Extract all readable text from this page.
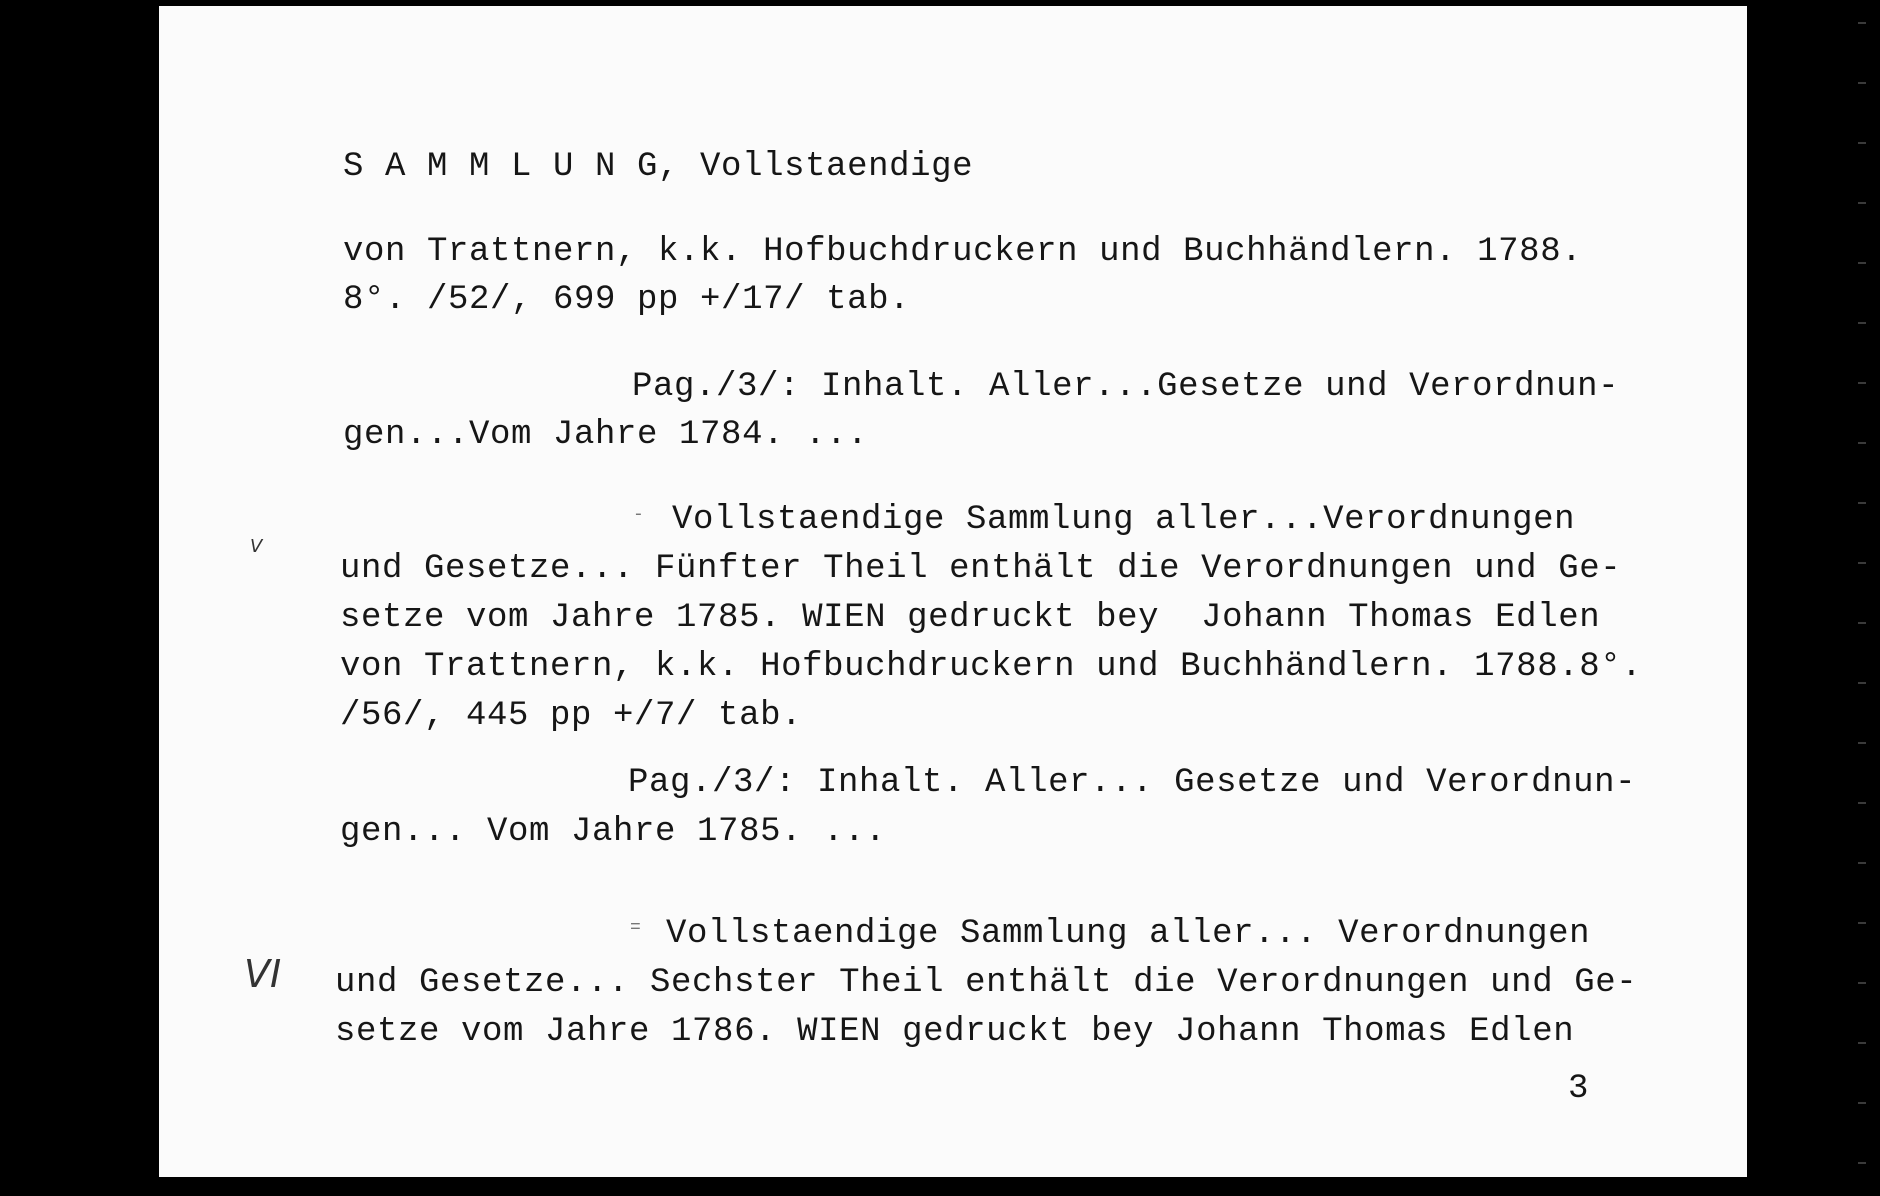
S A M M L U N G, Vollstaendige
von Trattnern, k.k. Hofbuchdruckern und Buchhändlern. 1788.
8°. /52/, 699 pp +/17/ tab.
Pag./3/: Inhalt. Aller...Gesetze und Verordnun-
gen...Vom Jahre 1784. ...
-
V
Vollstaendige Sammlung aller...Verordnungen
und Gesetze... Fünfter Theil enthält die Verordnungen und Ge-
setze vom Jahre 1785. WIEN gedruckt bey  Johann Thomas Edlen
von Trattnern, k.k. Hofbuchdruckern und Buchhändlern. 1788.8°.
/56/, 445 pp +/7/ tab.
Pag./3/: Inhalt. Aller... Gesetze und Verordnun-
gen... Vom Jahre 1785. ...
=
VI
Vollstaendige Sammlung aller... Verordnungen
und Gesetze... Sechster Theil enthält die Verordnungen und Ge-
setze vom Jahre 1786. WIEN gedruckt bey Johann Thomas Edlen
3
